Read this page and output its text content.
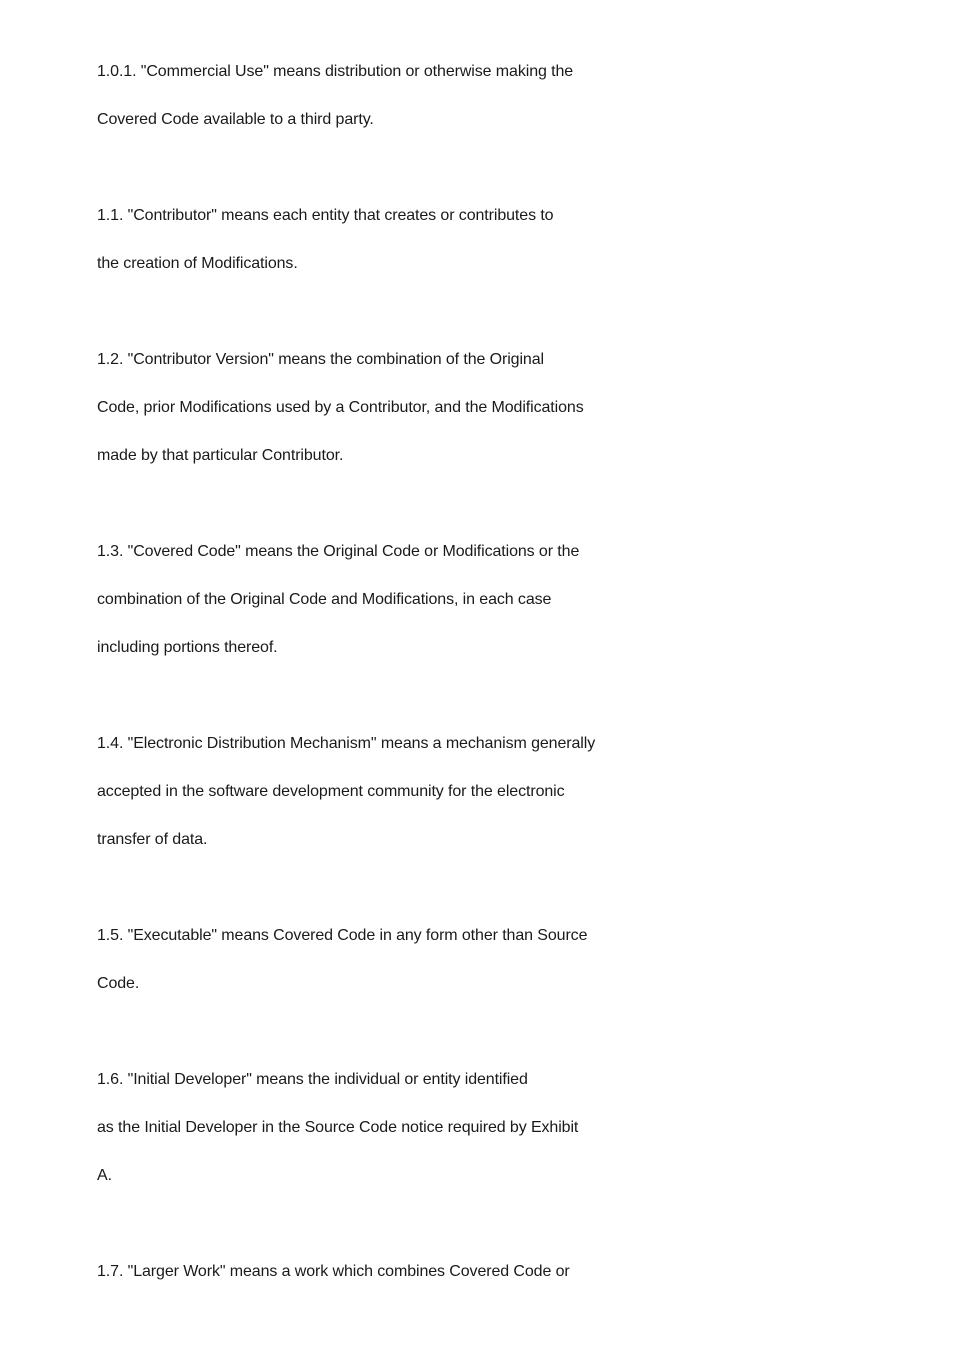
1.0.1. "Commercial Use" means distribution or otherwise making the
Covered Code available to a third party.
1.1. "Contributor" means each entity that creates or contributes to
the creation of Modifications.
1.2. "Contributor Version" means the combination of the Original
Code, prior Modifications used by a Contributor, and the Modifications
made by that particular Contributor.
1.3. "Covered Code" means the Original Code or Modifications or the
combination of the Original Code and Modifications, in each case
including portions thereof.
1.4. "Electronic Distribution Mechanism" means a mechanism generally
accepted in the software development community for the electronic
transfer of data.
1.5. "Executable" means Covered Code in any form other than Source
Code.
1.6. "Initial Developer" means the individual or entity identified
as the Initial Developer in the Source Code notice required by Exhibit
A.
1.7. "Larger Work" means a work which combines Covered Code or
